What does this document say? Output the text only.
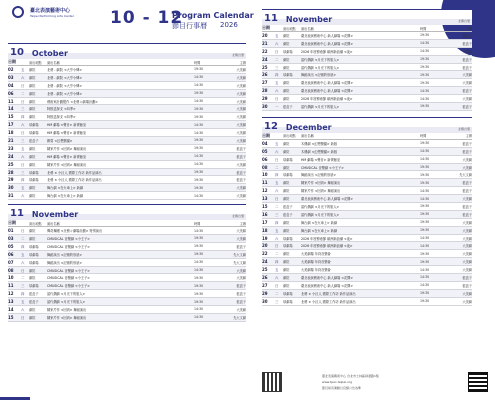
臺北表演藝術中心
Taipei Performing Arts Center 10 - 12
Program Calendar
節目行事曆 2026
10 October	北藝自製
日期	演出地點	演出名稱	時間	主辦
02	五	劇院	北藝 - 劇院 <大亨小傳>	19:30	大美劇
03	六	劇院	北藝 - 劇院 <大亨小傳>	14:30	大美劇
04	日	劇院	北藝 - 劇院 <大亨小傳>	14:30	大美劇
06	二	劇院	北藝 - 劇院 <大亨小傳>	19:30	大美劇
11	日	劇院	藝術家計劃製作 <北藝ㄉ劇場計劃>	14:30	大美劇
14	三	劇院	阿根廷探戈 <四季>	19:30	大美劇
15	四	劇院	阿根廷探戈 <四季>	19:30	大美劇
17	六	球劇場	HM 劇場 <聲音> 新實驗室	14:30	大美劇
18	日	球劇場	HM 劇場 <聲音> 新實驗室	14:30	大美劇
21	三	藍盒子	雜耍 <幻想樂園>	19:30	大美劇
23	五	劇院	陳家芹作 <回到> 舞蹈演出	19:30	藍盒子
24	六	劇院	HM 劇場 <聲音> 新實驗室	14:30	藍盒子
25	日	劇院	陳家芹作 <回到> 舞蹈演出	14:30	大美劇
28	三	球劇場	北藝 × 小巨人 國際工作坊 新作品演出	19:30	藍盒子
29	四	球劇場	北藝 × 小巨人 國際工作坊 新作品演出	19:30	藍盒子
30	五	劇院	舞台劇 <在火車上> 新劇	19:30	大美劇
31	六	劇院	舞台劇 <在火車上> 新劇	14:30	大美劇
11 November	北藝自製
日期	演出地點	演出名稱	時間	主辦
01	日	劇院	傳奇舞團 <北藝ㄉ劇場計劃> 特別演出	14:30	大美劇
03	二	劇院	CMUSICAL 音樂劇 <小王子>	19:30	大美劇
05	四	球劇場	CMUSICAL 音樂劇 <小王子>	19:30	藍盒子
06	五	球劇場	舞蹈演出 <記憶的形狀>	19:30	先大文劇
07	六	球劇場	舞蹈演出 <記憶的形狀>	14:30	先大文劇
08	日	劇院	CMUSICAL 音樂劇 <小王子>	14:30	大美劇
10	二	劇院	CMUSICAL 音樂劇 <小王子>	19:30	大美劇
11	三	球劇場	CMUSICAL 音樂劇 <小王子>	19:30	藍盒子
12	四	藍盒子	當代偶劇 <月光下的旅人>	19:30	藍盒子
13	五	藍盒子	當代偶劇 <月光下的旅人>	19:30	藍盒子
14	六	劇院	陳家芹作 <回到> 舞蹈演出	14:30	大美劇
15	日	劇院	陳家芹作 <回到> 舞蹈演出	14:30	先大文劇
11 November	北藝自製
日期	演出地點	演出名稱	時間	主辦
20	五	劇院	臺北表演藝術中心 新人劇場 <花開>	19:30	藍盒子
21	六	劇院	臺北表演藝術中心 新人劇場 <花開>	14:30	藍盒子
22	日	球劇場	2026 年度藝術節 歐洲新浪潮 <夜>	14:30	大美劇
24	二	劇院	當代偶劇 <月光下的旅人>	19:30	藍盒子
25	三	劇院	當代偶劇 <月光下的旅人>	19:30	藍盒子
26	四	球劇場	舞蹈演出 <記憶的形狀>	19:30	大美劇
27	五	劇院	臺北表演藝術中心 新人劇場 <花開>	19:30	大美劇
28	六	劇院	臺北表演藝術中心 新人劇場 <花開>	14:30	藍盒子
29	日	劇院	2026 年度藝術節 歐洲新浪潮 <夜>	14:30	大美劇
30	一	藍盒子	當代偶劇 <月光下的旅人>	19:30	藍盒子
12 December	北藝自製
日期	演出地點	演出名稱	時間	主辦
04	五	劇院	木偶劇 <幻想樂園> 新版	19:30	藍盒子
05	六	劇院	木偶劇 <幻想樂園> 新版	14:30	藍盒子
06	日	球劇場	HM 劇場 <聲音> 新實驗室	14:30	大美劇
08	二	劇院	CMUSICAL 音樂劇 <小王子>	19:30	大美劇
10	四	球劇場	舞蹈演出 <記憶的形狀>	19:30	先大文劇
11	五	劇院	陳家芹作 <回到> 舞蹈演出	19:30	藍盒子
12	六	劇院	陳家芹作 <回到> 舞蹈演出	14:30	藍盒子
13	日	劇院	臺北表演藝術中心 新人劇場 <花開>	14:30	大美劇
15	二	藍盒子	當代偶劇 <月光下的旅人>	19:30	藍盒子
16	三	藍盒子	當代偶劇 <月光下的旅人>	19:30	藍盒子
17	四	劇院	舞台劇 <在火車上> 新劇	19:30	大美劇
18	五	劇院	舞台劇 <在火車上> 新劇	19:30	大美劇
19	六	球劇場	2026 年度藝術節 歐洲新浪潮 <夜>	14:30	大美劇
20	日	球劇場	2026 年度藝術節 歐洲新浪潮 <夜>	14:30	大美劇
22	二	劇院	大美劇場 年終音樂會	19:30	大美劇
24	四	劇院	大美劇場 年終音樂會	19:30	大美劇
25	五	劇院	大美劇場 年終音樂會	14:30	大美劇
26	六	劇院	臺北表演藝術中心 新人劇場 <花開>	14:30	藍盒子
27	日	劇院	臺北表演藝術中心 新人劇場 <花開>	14:30	藍盒子
29	二	球劇場	北藝 × 小巨人 國際工作坊 新作品演出	19:30	大美劇
30	三	球劇場	北藝 × 小巨人 國際工作坊 新作品演出	19:30	大美劇
臺北表演藝術中心 台北市士林區劍潭路1號
www.tpac-taipei.org
節目如有異動以官網公告為準
